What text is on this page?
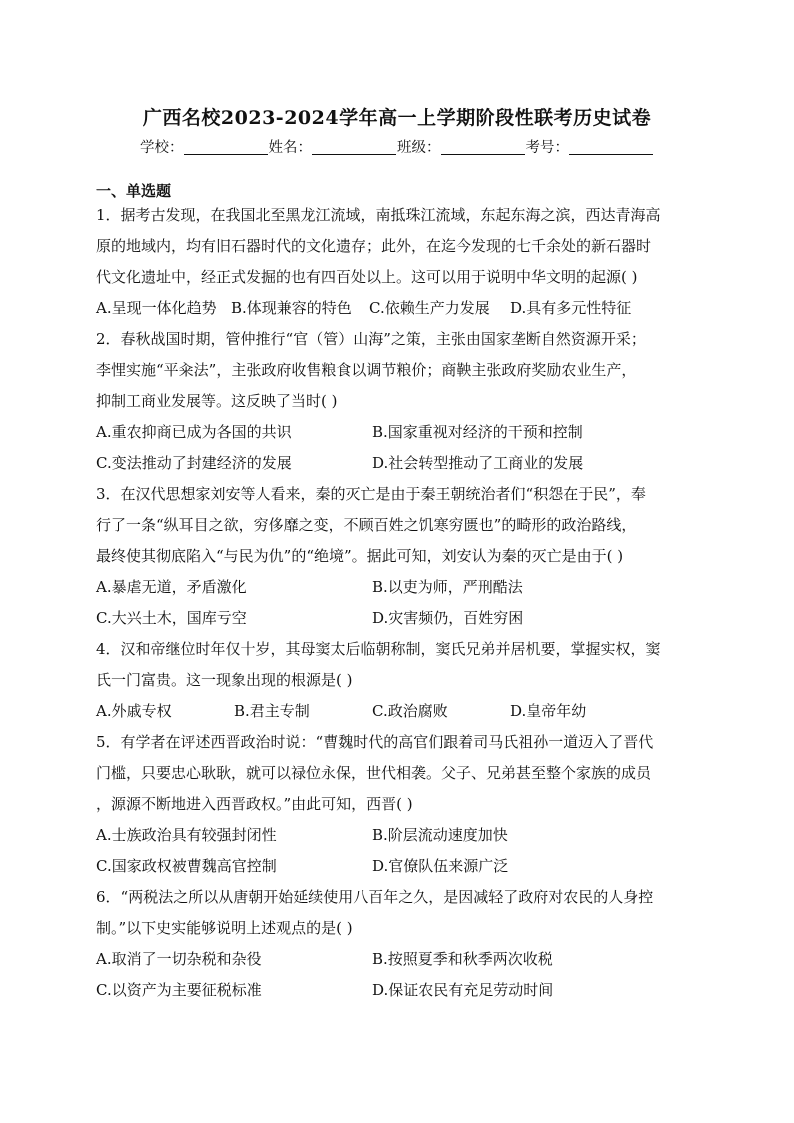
广西名校2023-2024学年高一上学期阶段性联考历史试卷
学校：	姓名：	班级：	考号：
一、单选题
1．据考古发现，在我国北至黑龙江流域，南抵珠江流域，东起东海之滨，西达青海高
原的地域内，均有旧石器时代的文化遗存；此外，在迄今发现的七千余处的新石器时
代文化遗址中，经正式发掘的也有四百处以上。这可以用于说明中华文明的起源( )
A.呈现一体化趋势 B.体现兼容的特色 C.依赖生产力发展 D.具有多元性特征
2．春秋战国时期，管仲推行“官（管）山海”之策，主张由国家垄断自然资源开采；
李悝实施“平籴法”，主张政府收售粮食以调节粮价；商鞅主张政府奖励农业生产，
抑制工商业发展等。这反映了当时( )
A.重农抑商已成为各国的共识	B.国家重视对经济的干预和控制
C.变法推动了封建经济的发展	D.社会转型推动了工商业的发展
3．在汉代思想家刘安等人看来，秦的灭亡是由于秦王朝统治者们“积怨在于民”，奉
行了一条“纵耳目之欲，穷侈靡之变，不顾百姓之饥寒穷匮也”的畸形的政治路线，
最终使其彻底陷入“与民为仇”的“绝境”。据此可知，刘安认为秦的灭亡是由于( )
A.暴虐无道，矛盾激化	B.以吏为师，严刑酷法
C.大兴土木，国库亏空	D.灾害频仍，百姓穷困
4．汉和帝继位时年仅十岁，其母窦太后临朝称制，窦氏兄弟并居机要，掌握实权，窦
氏一门富贵。这一现象出现的根源是( )
A.外戚专权	B.君主专制	C.政治腐败	D.皇帝年幼
5．有学者在评述西晋政治时说：“曹魏时代的高官们跟着司马氏祖孙一道迈入了晋代
门槛，只要忠心耿耿，就可以禄位永保，世代相袭。父子、兄弟甚至整个家族的成员
，源源不断地进入西晋政权。”由此可知，西晋( )
A.士族政治具有较强封闭性	B.阶层流动速度加快
C.国家政权被曹魏高官控制	D.官僚队伍来源广泛
6．“两税法之所以从唐朝开始延续使用八百年之久，是因减轻了政府对农民的人身控
制。”以下史实能够说明上述观点的是( )
A.取消了一切杂税和杂役	B.按照夏季和秋季两次收税
C.以资产为主要征税标准	D.保证农民有充足劳动时间
